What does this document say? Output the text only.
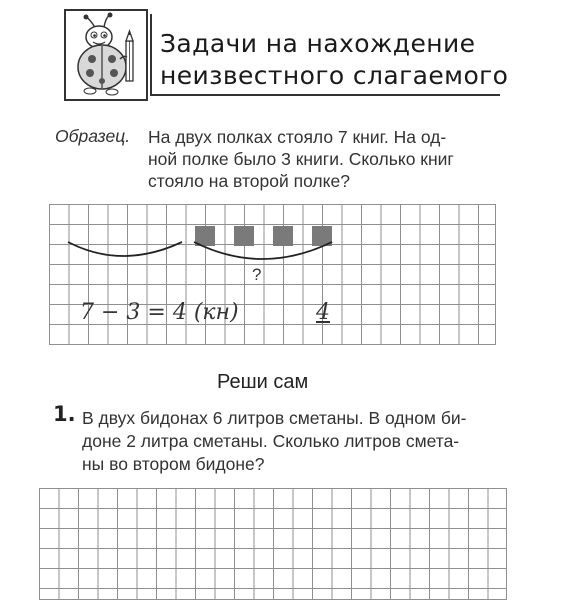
Задачи на нахождение
неизвестного слагаемого
Образец. На двух полках стояло 7 книг. На од-
ной полке было 3 книги. Сколько книг
стояло на второй полке?
?
7 − 3 = 4 (кн)	4
Реши сам
1. В двух бидонах 6 литров сметаны. В одном би-
доне 2 литра сметаны. Сколько литров смета-
ны во втором бидоне?
